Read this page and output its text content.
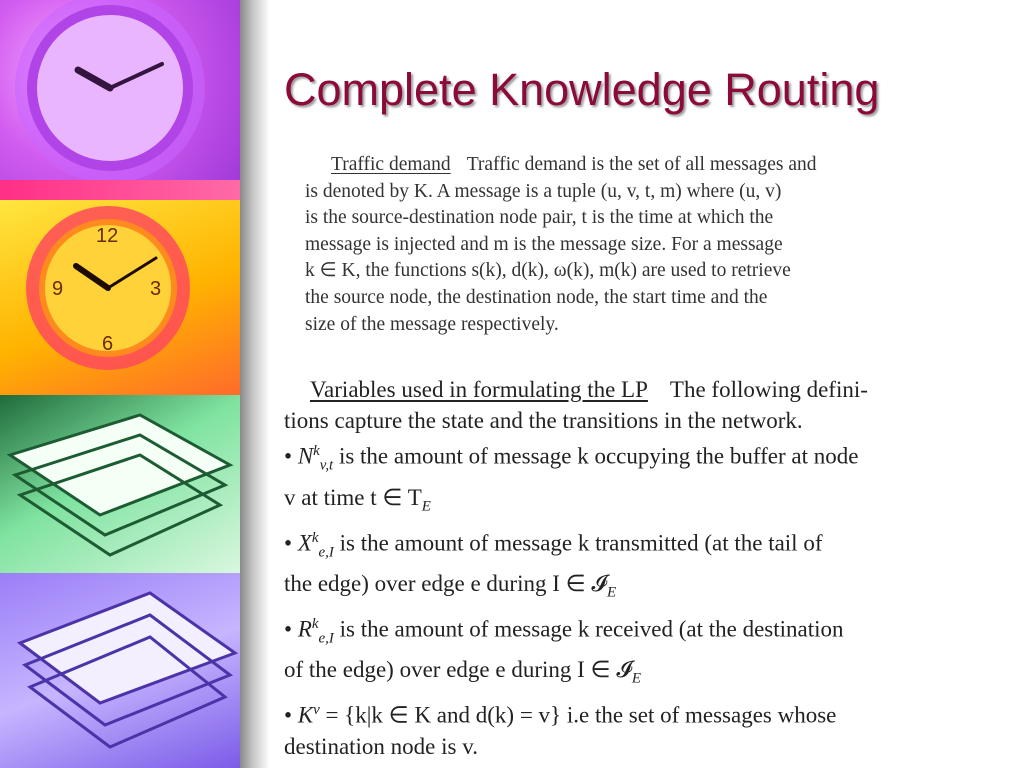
12
3
6
9
Complete Knowledge Routing
Traffic demand Traffic demand is the set of all messages and
is denoted by K. A message is a tuple (u, v, t, m) where (u, v)
is the source-destination node pair, t is the time at which the
message is injected and m is the message size. For a message
k ∈ K, the functions s(k), d(k), ω(k), m(k) are used to retrieve
the source node, the destination node, the start time and the
size of the message respectively.
Variables used in formulating the LP The following defini-
tions capture the state and the transitions in the network.
• $N^k_{v,t}$ is the amount of message k occupying the buffer at node
v at time t ∈ $T_E$
• $X^k_{e,I}$ is the amount of message k transmitted (at the tail of
the edge) over edge e during I ∈ 𝓘$_E$
• $R^k_{e,I}$ is the amount of message k received (at the destination
of the edge) over edge e during I ∈ 𝓘$_E$
• $K^v = \{k|k$ ∈ K and d(k) = v} i.e the set of messages whose
destination node is v.
